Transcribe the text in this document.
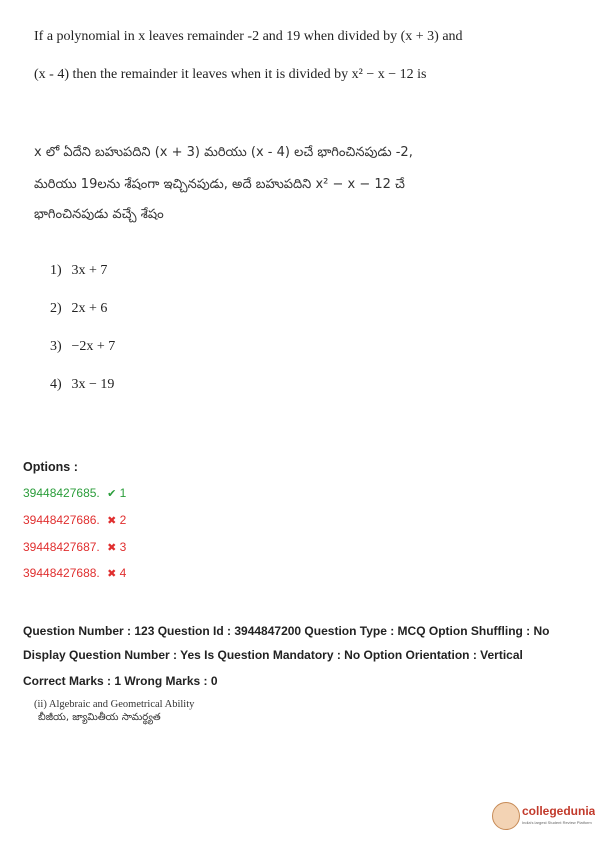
If a polynomial in x leaves remainder -2 and 19 when divided by (x + 3) and
(x - 4) then the remainder it leaves when it is divided by x² − x − 12 is
x లో ఏదేని బహుపదిని (x + 3) మరియు (x - 4) లచే భాగించినపుడు -2,
మరియు 19లను శేషంగా ఇచ్చినపుడు, అదే బహుపదిని x² − x − 12 చే
భాగించినపుడు వచ్చే శేషం
1) 3x + 7
2) 2x + 6
3) −2x + 7
4) 3x − 19
Options :
39448427685. ✔ 1
39448427686. ✖ 2
39448427687. ✖ 3
39448427688. ✖ 4
Question Number : 123 Question Id : 3944847200 Question Type : MCQ Option Shuffling : No
Display Question Number : Yes Is Question Mandatory : No Option Orientation : Vertical
Correct Marks : 1 Wrong Marks : 0
(ii) Algebraic and Geometrical Ability
బీజీయ, జ్యామితీయ సామర్థ్యత
collegedunia
India's largest Student Review Platform
